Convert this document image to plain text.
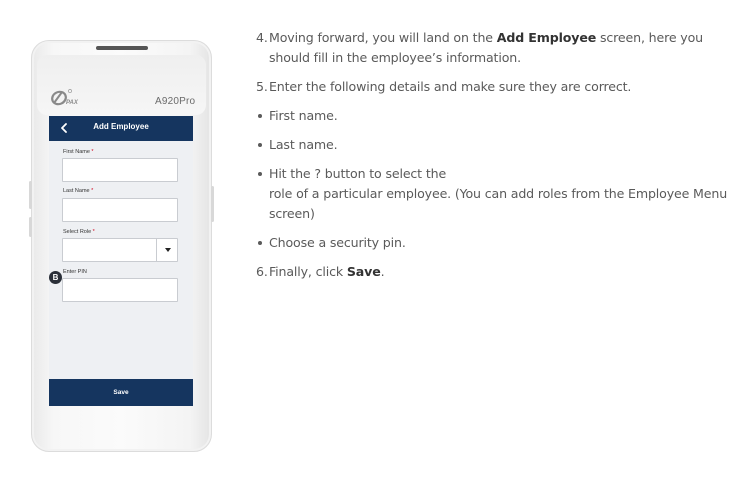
PAX	A920Pro
Add Employee
First Name *
Last Name *
Select Role *
Enter PIN
Save
B
4. Moving forward, you will land on the Add Employee screen, here you
should fill in the employee’s information.
5. Enter the following details and make sure they are correct.
First name.
Last name.
Hit the ? button to select the
role of a particular employee. (You can add roles from the Employee Menu
screen)
Choose a security pin.
6. Finally, click Save.
